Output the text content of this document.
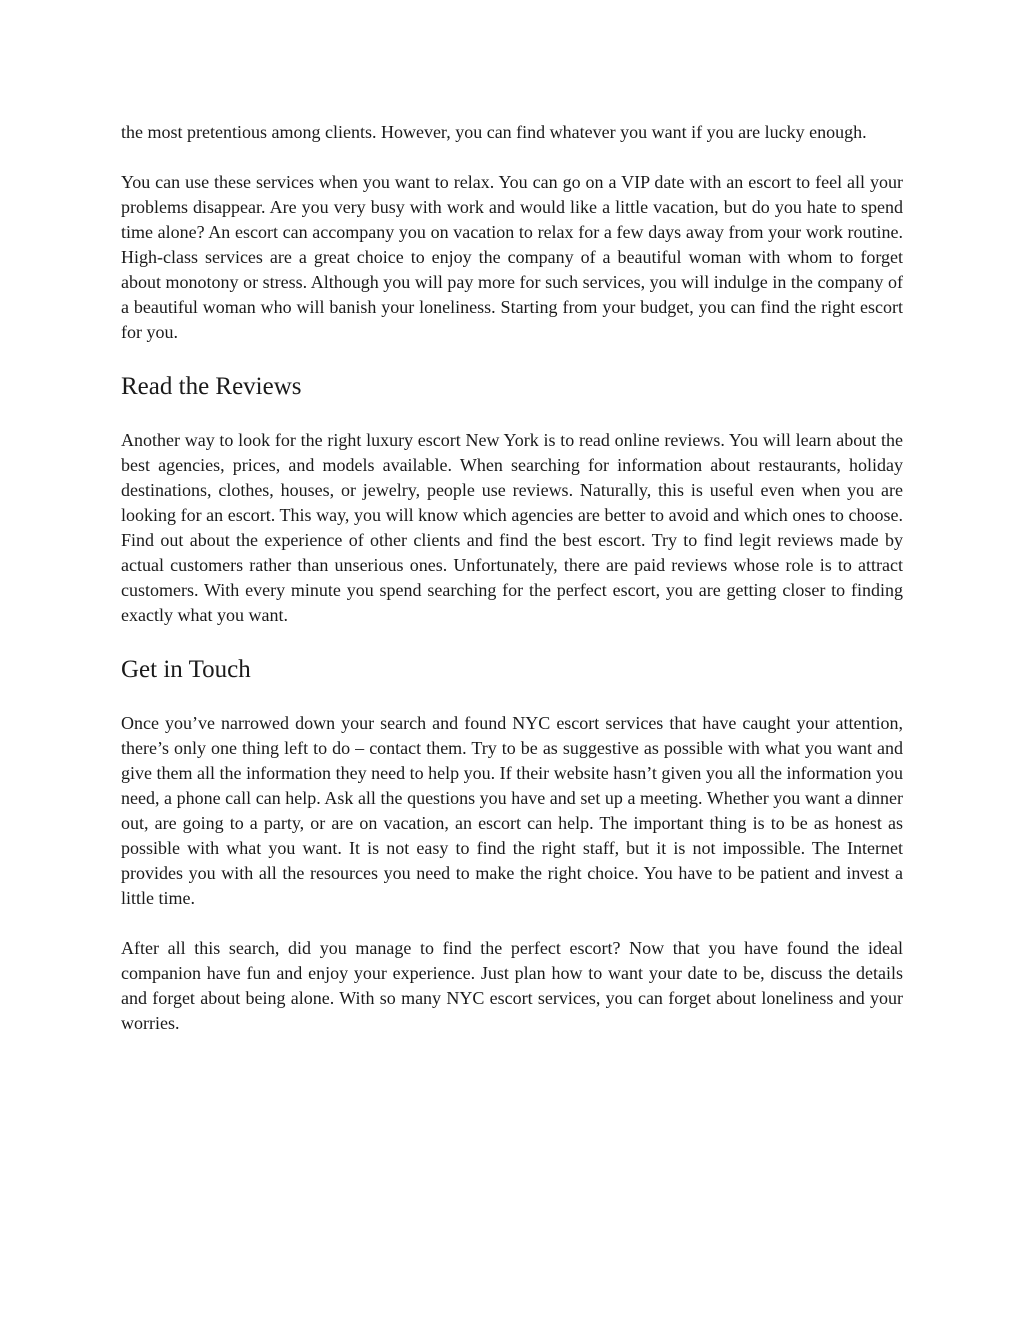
the most pretentious among clients. However, you can find whatever you want if you are lucky enough.

You can use these services when you want to relax. You can go on a VIP date with an escort to feel all your problems disappear. Are you very busy with work and would like a little vacation, but do you hate to spend time alone? An escort can accompany you on vacation to relax for a few days away from your work routine. High-class services are a great choice to enjoy the company of a beautiful woman with whom to forget about monotony or stress. Although you will pay more for such services, you will indulge in the company of a beautiful woman who will banish your loneliness. Starting from your budget, you can find the right escort for you.

Read the Reviews

Another way to look for the right luxury escort New York is to read online reviews. You will learn about the best agencies, prices, and models available. When searching for information about restaurants, holiday destinations, clothes, houses, or jewelry, people use reviews. Naturally, this is useful even when you are looking for an escort. This way, you will know which agencies are better to avoid and which ones to choose. Find out about the experience of other clients and find the best escort. Try to find legit reviews made by actual customers rather than unserious ones. Unfortunately, there are paid reviews whose role is to attract customers. With every minute you spend searching for the perfect escort, you are getting closer to finding exactly what you want.

Get in Touch

Once you’ve narrowed down your search and found NYC escort services that have caught your attention, there’s only one thing left to do – contact them. Try to be as suggestive as possible with what you want and give them all the information they need to help you. If their website hasn’t given you all the information you need, a phone call can help. Ask all the questions you have and set up a meeting. Whether you want a dinner out, are going to a party, or are on vacation, an escort can help. The important thing is to be as honest as possible with what you want. It is not easy to find the right staff, but it is not impossible. The Internet provides you with all the resources you need to make the right choice. You have to be patient and invest a little time.

After all this search, did you manage to find the perfect escort? Now that you have found the ideal companion have fun and enjoy your experience. Just plan how to want your date to be, discuss the details and forget about being alone. With so many NYC escort services, you can forget about loneliness and your worries.
